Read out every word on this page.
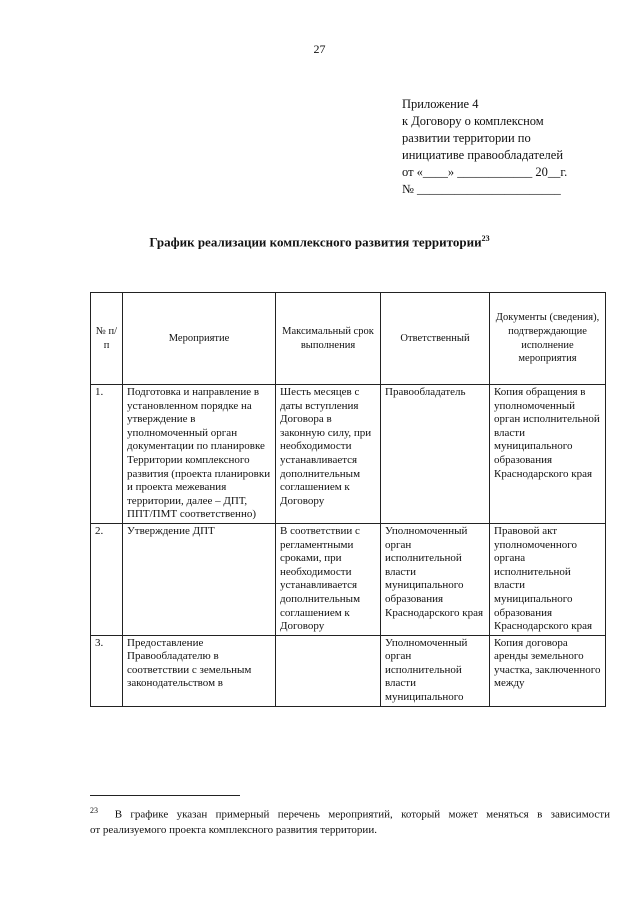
27
Приложение 4
к Договору о комплексном
развитии территории по
инициативе правообладателей
от «____» ____________ 20__г.
№ _______________________
График реализации комплексного развития территории$^{23}$
№ п/п	Мероприятие	Максимальный срок выполнения	Ответственный	Документы (сведения), подтверждающие исполнение мероприятия
1.	Подготовка и направление в установленном порядке на утверждение в уполномоченный орган документации по планировке Территории комплексного развития (проекта планировки и проекта межевания территории, далее – ДПТ, ППТ/ПМТ соответственно)	Шесть месяцев с даты вступления Договора в законную силу, при необходимости устанавливается дополнительным соглашением к Договору	Правообладатель	Копия обращения в уполномоченный орган исполнительной власти муниципального образования Краснодарского края
2.	Утверждение ДПТ	В соответствии с регламентными сроками, при необходимости устанавливается дополнительным соглашением к Договору	Уполномоченный орган исполнительной власти муниципального образования Краснодарского края	Правовой акт уполномоченного органа исполнительной власти муниципального образования Краснодарского края
3.	Предоставление Правообладателю в соответствии с земельным законодательством в		Уполномоченный орган исполнительной власти муниципального	Копия договора аренды земельного участка, заключенного между
$^{23}$ В графике указан примерный перечень мероприятий, который может меняться в зависимости
от реализуемого проекта комплексного развития территории.
